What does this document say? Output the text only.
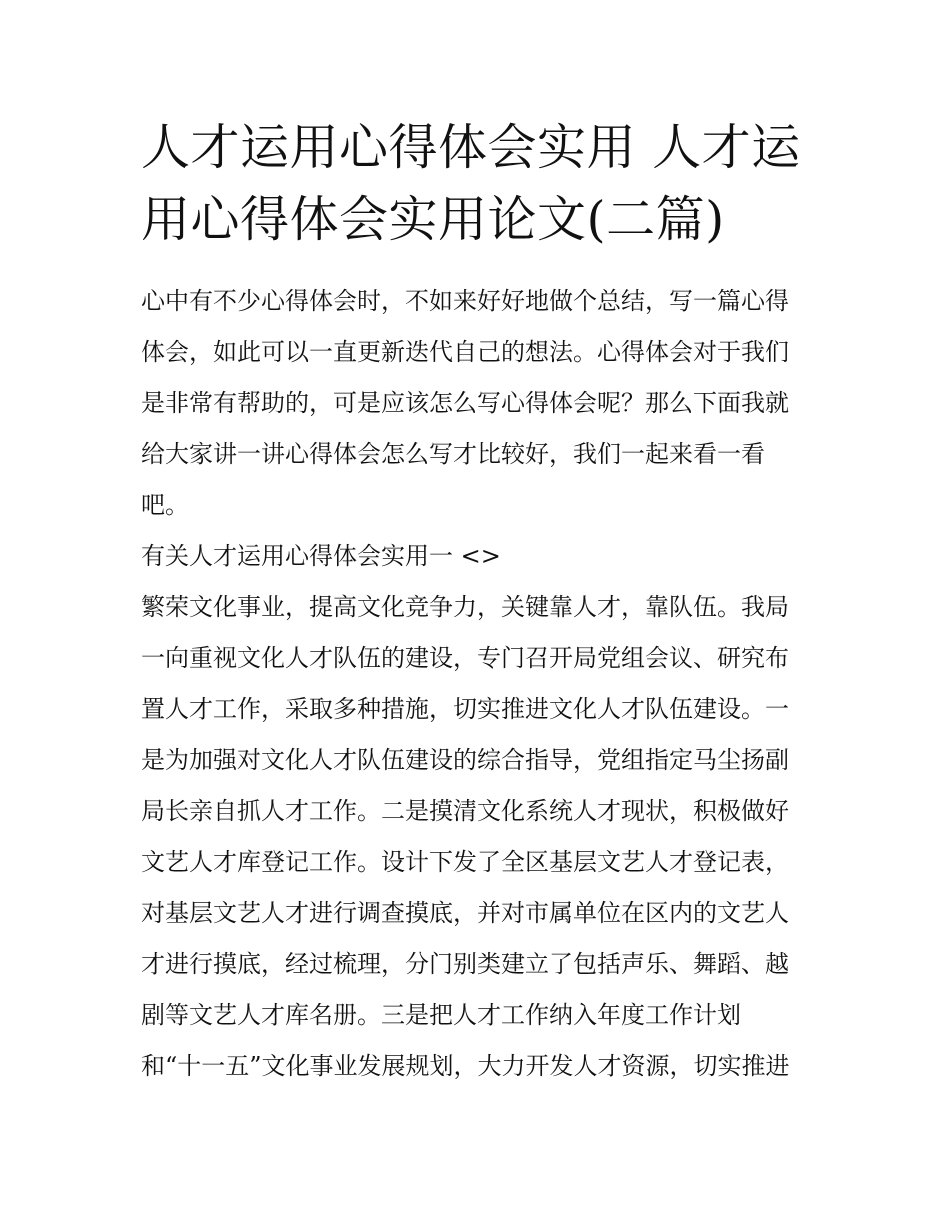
人才运用心得体会实用 人才运
用心得体会实用论文(二篇)
心中有不少心得体会时，不如来好好地做个总结，写一篇心得
体会，如此可以一直更新迭代自己的想法。心得体会对于我们
是非常有帮助的，可是应该怎么写心得体会呢？那么下面我就
给大家讲一讲心得体会怎么写才比较好，我们一起来看一看
吧。
有关人才运用心得体会实用一 <>
繁荣文化事业，提高文化竞争力，关键靠人才，靠队伍。我局
一向重视文化人才队伍的建设，专门召开局党组会议、研究布
置人才工作，采取多种措施，切实推进文化人才队伍建设。一
是为加强对文化人才队伍建设的综合指导，党组指定马尘扬副
局长亲自抓人才工作。二是摸清文化系统人才现状，积极做好
文艺人才库登记工作。设计下发了全区基层文艺人才登记表，
对基层文艺人才进行调查摸底，并对市属单位在区内的文艺人
才进行摸底，经过梳理，分门别类建立了包括声乐、舞蹈、越
剧等文艺人才库名册。三是把人才工作纳入年度工作计划
和“十一五”文化事业发展规划，大力开发人才资源，切实推进
